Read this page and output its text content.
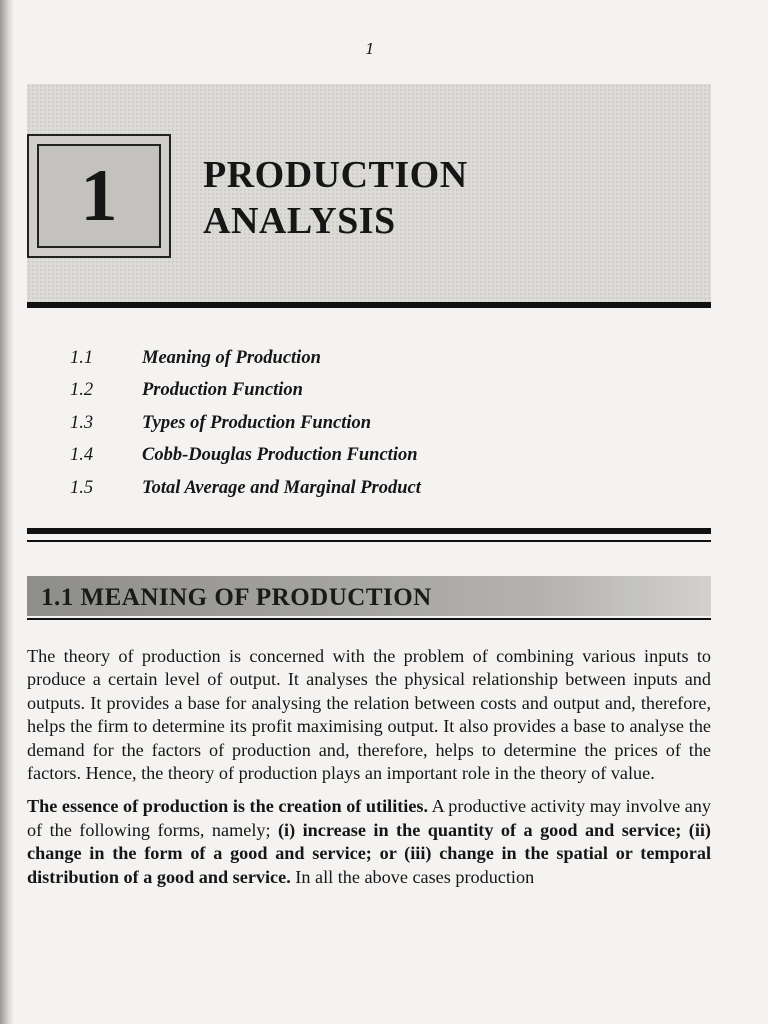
1
1 PRODUCTION
ANALYSIS
1.1	Meaning of Production
1.2	Production Function
1.3	Types of Production Function
1.4	Cobb-Douglas Production Function
1.5	Total Average and Marginal Product
1.1 MEANING OF PRODUCTION

The theory of production is concerned with the problem of combining various inputs to produce a certain level of output. It analyses the physical relationship between inputs and outputs. It provides a base for analysing the relation between costs and output and, therefore, helps the firm to determine its profit maximising output. It also provides a base to analyse the demand for the factors of production and, therefore, helps to determine the prices of the factors. Hence, the theory of production plays an important role in the theory of value.

The essence of production is the creation of utilities. A productive activity may involve any of the following forms, namely; (i) increase in the quantity of a good and service; (ii) change in the form of a good and service; or (iii) change in the spatial or temporal distribution of a good and service. In all the above cases production
